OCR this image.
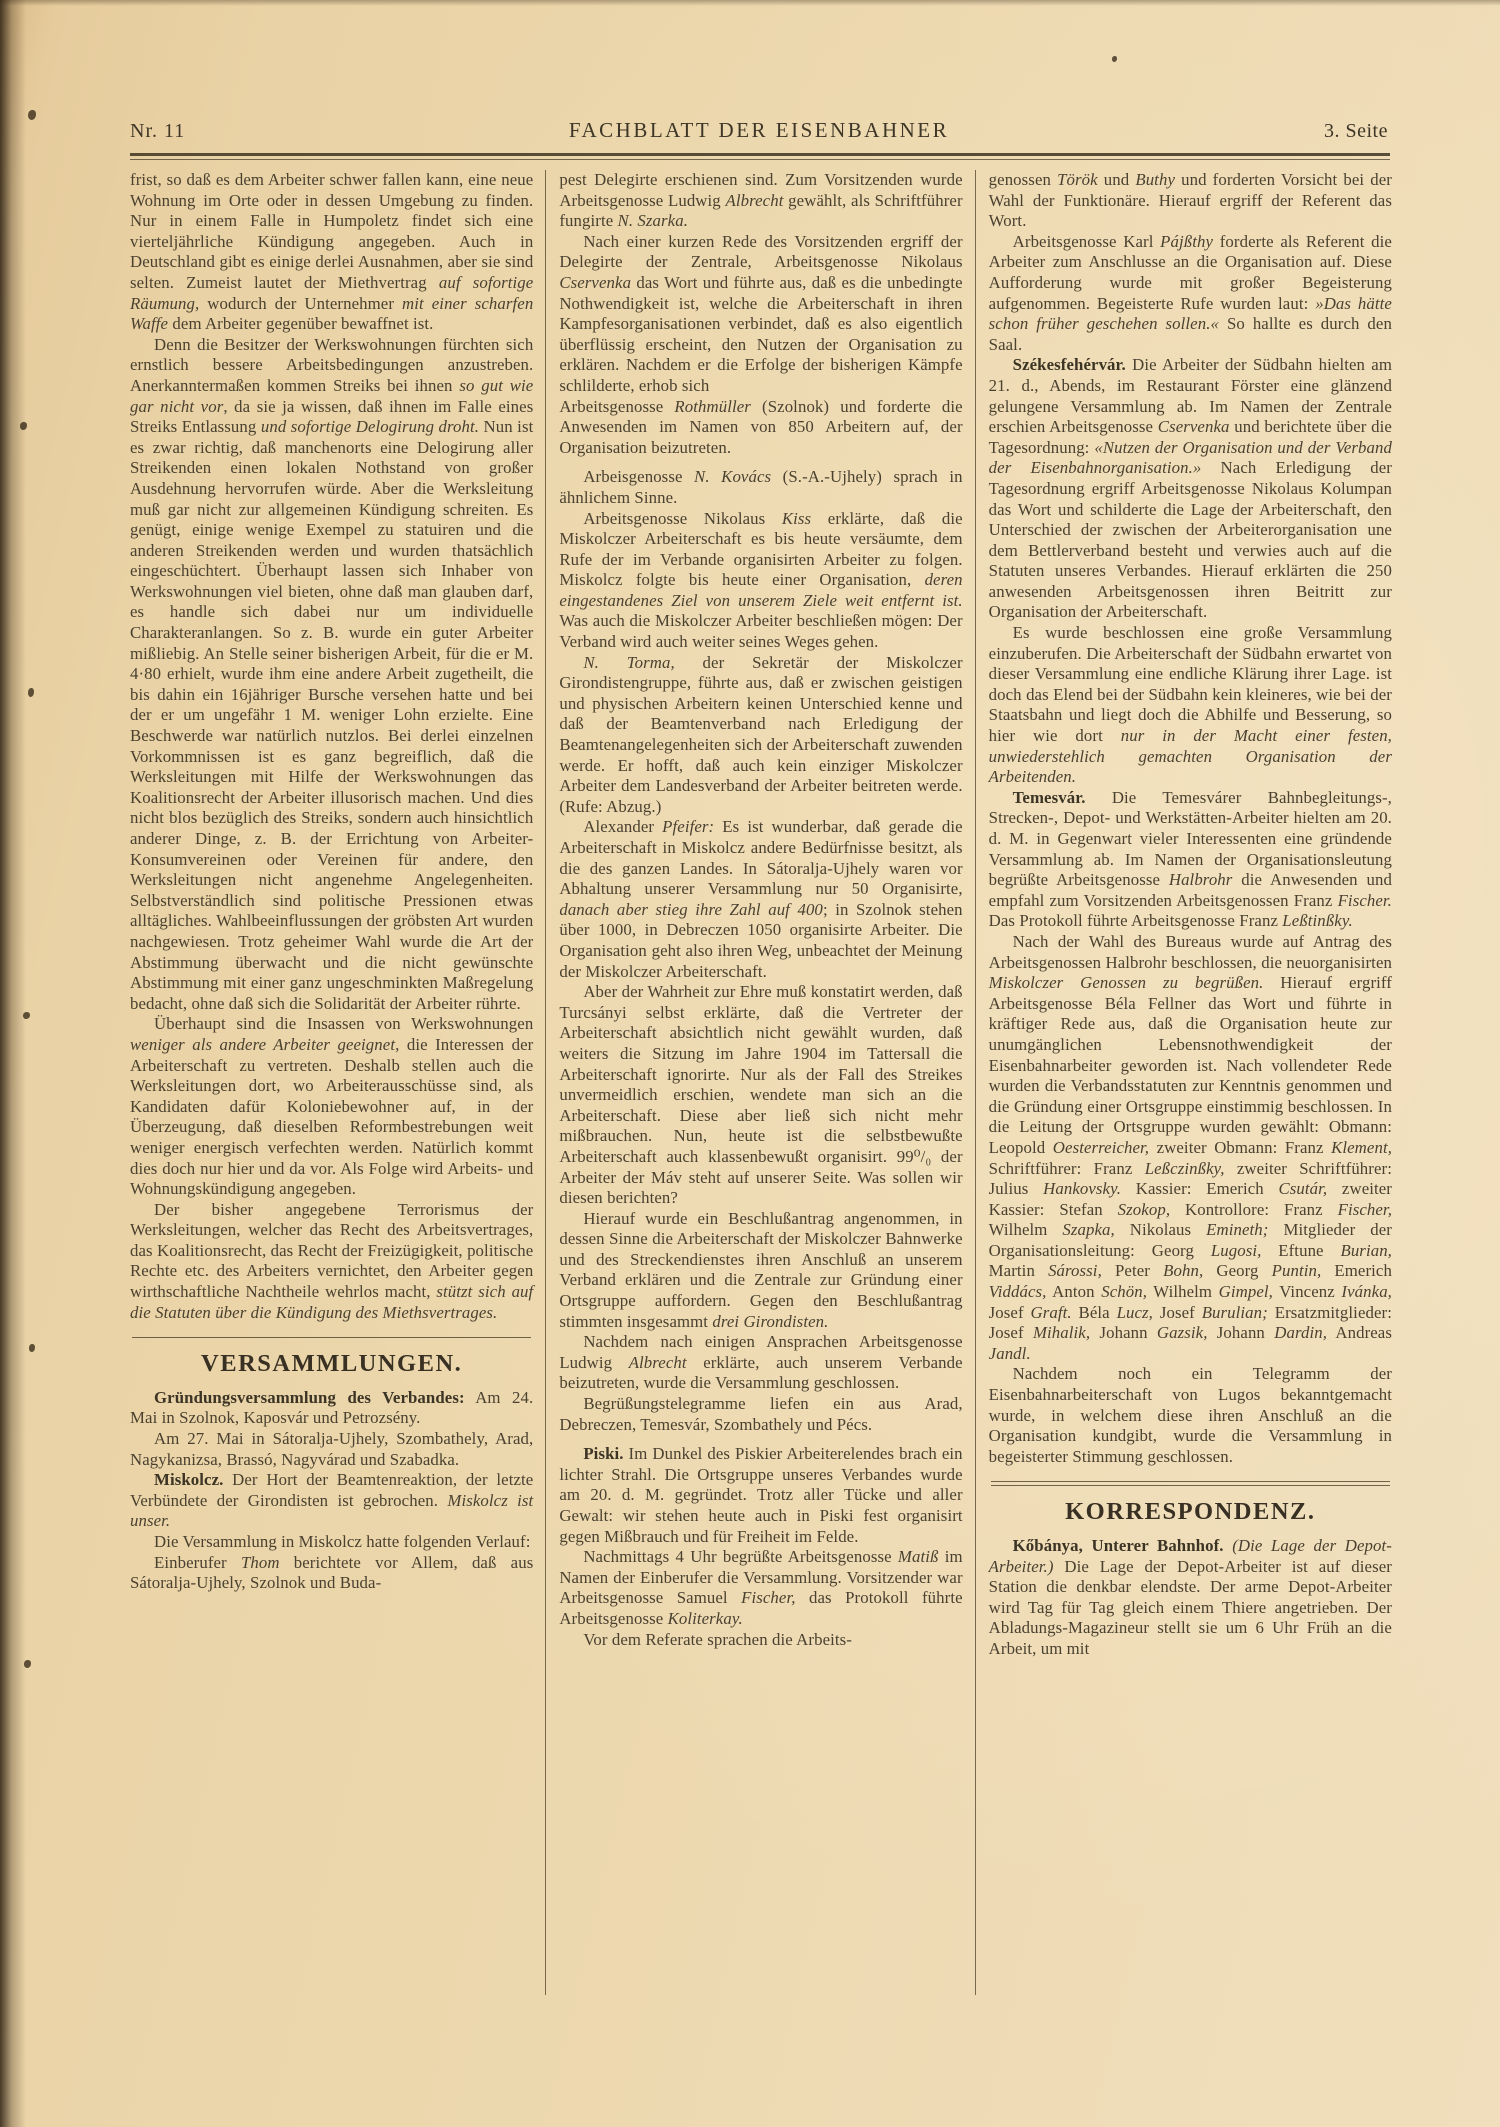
Nr. 11	FACHBLATT DER EISENBAHNER	3. Seite

frist, so daß es dem Arbeiter schwer fallen kann, eine neue Wohnung im Orte oder in dessen Umgebung zu finden. Nur in einem Falle in Humpoletz findet sich eine vierteljährliche Kündigung angegeben. Auch in Deutschland gibt es einige derlei Ausnahmen, aber sie sind selten. Zumeist lautet der Miethvertrag auf sofortige Räumung, wodurch der Unternehmer mit einer scharfen Waffe dem Arbeiter gegenüber bewaffnet ist.

Denn die Besitzer der Werkswohnungen fürchten sich ernstlich bessere Arbeitsbedingungen anzustreben. Anerkanntermaßen kommen Streiks bei ihnen so gut wie gar nicht vor, da sie ja wissen, daß ihnen im Falle eines Streiks Entlassung und sofortige Delogirung droht. Nun ist es zwar richtig, daß manchenorts eine Delogirung aller Streikenden einen lokalen Nothstand von großer Ausdehnung hervorrufen würde. Aber die Werksleitung muß gar nicht zur allgemeinen Kündigung schreiten. Es genügt, einige wenige Exempel zu statuiren und die anderen Streikenden werden und wurden thatsächlich eingeschüchtert. Überhaupt lassen sich Inhaber von Werkswohnungen viel bieten, ohne daß man glauben darf, es handle sich dabei nur um individuelle Charakteranlangen. So z. B. wurde ein guter Arbeiter mißliebig. An Stelle seiner bisherigen Arbeit, für die er M. 4·80 erhielt, wurde ihm eine andere Arbeit zugetheilt, die bis dahin ein 16jähriger Bursche versehen hatte und bei der er um ungefähr 1 M. weniger Lohn erzielte. Eine Beschwerde war natürlich nutzlos. Bei derlei einzelnen Vorkommnissen ist es ganz begreiflich, daß die Werksleitungen mit Hilfe der Werkswohnungen das Koalitionsrecht der Arbeiter illusorisch machen. Und dies nicht blos bezüglich des Streiks, sondern auch hinsichtlich anderer Dinge, z. B. der Errichtung von Arbeiter-Konsumvereinen oder Vereinen für andere, den Werksleitungen nicht angenehme Angelegenheiten. Selbstverständlich sind politische Pressionen etwas alltägliches. Wahlbeeinflussungen der gröbsten Art wurden nachgewiesen. Trotz geheimer Wahl wurde die Art der Abstimmung überwacht und die nicht gewünschte Abstimmung mit einer ganz ungeschminkten Maßregelung bedacht, ohne daß sich die Solidarität der Arbeiter rührte.

Überhaupt sind die Insassen von Werkswohnungen weniger als andere Arbeiter geeignet, die Interessen der Arbeiterschaft zu vertreten. Deshalb stellen auch die Werksleitungen dort, wo Arbeiterausschüsse sind, als Kandidaten dafür Koloniebewohner auf, in der Überzeugung, daß dieselben Reformbestrebungen weit weniger energisch verfechten werden. Natürlich kommt dies doch nur hier und da vor. Als Folge wird Arbeits- und Wohnungskündigung angegeben.

Der bisher angegebene Terrorismus der Werksleitungen, welcher das Recht des Arbeitsvertrages, das Koalitionsrecht, das Recht der Freizügigkeit, politische Rechte etc. des Arbeiters vernichtet, den Arbeiter gegen wirthschaftliche Nachtheile wehrlos macht, stützt sich auf die Statuten über die Kündigung des Miethsvertrages.

VERSAMMLUNGEN.

Gründungsversammlung des Verbandes: Am 24. Mai in Szolnok, Kaposvár und Petrozsény.

Am 27. Mai in Sátoralja-Ujhely, Szombathely, Arad, Nagykanizsa, Brassó, Nagyvárad und Szabadka.

Miskolcz. Der Hort der Beamtenreaktion, der letzte Verbündete der Girondisten ist gebrochen. Miskolcz ist unser.

Die Versammlung in Miskolcz hatte folgenden Verlauf:

Einberufer Thom berichtete vor Allem, daß aus Sátoralja-Ujhely, Szolnok und Buda-

pest Delegirte erschienen sind. Zum Vorsitzenden wurde Arbeitsgenosse Ludwig Albrecht gewählt, als Schriftführer fungirte N. Szarka.

Nach einer kurzen Rede des Vorsitzenden ergriff der Delegirte der Zentrale, Arbeitsgenosse Nikolaus Cservenka das Wort und führte aus, daß es die unbedingte Nothwendigkeit ist, welche die Arbeiterschaft in ihren Kampfesorganisationen verbindet, daß es also eigentlich überflüssig erscheint, den Nutzen der Organisation zu erklären. Nachdem er die Erfolge der bisherigen Kämpfe schlilderte, erhob sich

Arbeitsgenosse Rothmüller (Szolnok) und forderte die Anwesenden im Namen von 850 Arbeitern auf, der Organisation beizutreten.

Arbeisgenosse N. Kovács (S.-A.-Ujhely) sprach in ähnlichem Sinne.

Arbeitsgenosse Nikolaus Kiss erklärte, daß die Miskolczer Arbeiterschaft es bis heute versäumte, dem Rufe der im Verbande organisirten Arbeiter zu folgen. Miskolcz folgte bis heute einer Organisation, deren eingestandenes Ziel von unserem Ziele weit entfernt ist. Was auch die Miskolczer Arbeiter beschließen mögen: Der Verband wird auch weiter seines Weges gehen.

N. Torma, der Sekretär der Miskolczer Girondistengruppe, führte aus, daß er zwischen geistigen und physischen Arbeitern keinen Unterschied kenne und daß der Beamtenverband nach Erledigung der Beamtenangelegenheiten sich der Arbeiterschaft zuwenden werde. Er hofft, daß auch kein einziger Miskolczer Arbeiter dem Landesverband der Arbeiter beitreten werde. (Rufe: Abzug.)

Alexander Pfeifer: Es ist wunderbar, daß gerade die Arbeiterschaft in Miskolcz andere Bedürfnisse besitzt, als die des ganzen Landes. In Sátoralja-Ujhely waren vor Abhaltung unserer Versammlung nur 50 Organisirte, danach aber stieg ihre Zahl auf 400; in Szolnok stehen über 1000, in Debreczen 1050 organisirte Arbeiter. Die Organisation geht also ihren Weg, unbeachtet der Meinung der Miskolczer Arbeiterschaft.

Aber der Wahrheit zur Ehre muß konstatirt werden, daß Turcsányi selbst erklärte, daß die Vertreter der Arbeiterschaft absichtlich nicht gewählt wurden, daß weiters die Sitzung im Jahre 1904 im Tattersall die Arbeiterschaft ignorirte. Nur als der Fall des Streikes unvermeidlich erschien, wendete man sich an die Arbeiterschaft. Diese aber ließ sich nicht mehr mißbrauchen. Nun, heute ist die selbstbewußte Arbeiterschaft auch klassenbewußt organisirt. 99⁰/₀ der Arbeiter der Máv steht auf unserer Seite. Was sollen wir diesen berichten?

Hierauf wurde ein Beschlußantrag angenommen, in dessen Sinne die Arbeiterschaft der Miskolczer Bahnwerke und des Streckendienstes ihren Anschluß an unserem Verband erklären und die Zentrale zur Gründung einer Ortsgruppe auffordern. Gegen den Beschlußantrag stimmten insgesammt drei Girondisten.

Nachdem nach einigen Ansprachen Arbeitsgenosse Ludwig Albrecht erklärte, auch unserem Verbande beizutreten, wurde die Versammlung geschlossen.

Begrüßungstelegramme liefen ein aus Arad, Debreczen, Temesvár, Szombathely und Pécs.

Piski. Im Dunkel des Piskier Arbeiterelendes brach ein lichter Strahl. Die Ortsgruppe unseres Verbandes wurde am 20. d. M. gegründet. Trotz aller Tücke und aller Gewalt: wir stehen heute auch in Piski fest organisirt gegen Mißbrauch und für Freiheit im Felde.

Nachmittags 4 Uhr begrüßte Arbeitsgenosse Matiß im Namen der Einberufer die Versammlung. Vorsitzender war Arbeitsgenosse Samuel Fischer, das Protokoll führte Arbeitsgenosse Koliterkay.

Vor dem Referate sprachen die Arbeits-

genossen Török und Buthy und forderten Vorsicht bei der Wahl der Funktionäre. Hierauf ergriff der Referent das Wort.

Arbeitsgenosse Karl Pájßthy forderte als Referent die Arbeiter zum Anschlusse an die Organisation auf. Diese Aufforderung wurde mit großer Begeisterung aufgenommen. Begeisterte Rufe wurden laut: »Das hätte schon früher geschehen sollen.« So hallte es durch den Saal.

Székesfehérvár. Die Arbeiter der Südbahn hielten am 21. d., Abends, im Restaurant Förster eine glänzend gelungene Versammlung ab. Im Namen der Zentrale erschien Arbeitsgenosse Cservenka und berichtete über die Tagesordnung: «Nutzen der Organisation und der Verband der Eisenbahnorganisation.» Nach Erledigung der Tagesordnung ergriff Arbeitsgenosse Nikolaus Kolumpan das Wort und schilderte die Lage der Arbeiterschaft, den Unterschied der zwischen der Arbeiterorganisation une dem Bettlerverband besteht und verwies auch auf die Statuten unseres Verbandes. Hierauf erklärten die 250 anwesenden Arbeitsgenossen ihren Beitritt zur Organisation der Arbeiterschaft.

Es wurde beschlossen eine große Versammlung einzuberufen. Die Arbeiterschaft der Südbahn erwartet von dieser Versammlung eine endliche Klärung ihrer Lage. ist doch das Elend bei der Südbahn kein kleineres, wie bei der Staatsbahn und liegt doch die Abhilfe und Besserung, so hier wie dort nur in der Macht einer festen, unwiederstehlich gemachten Organisation der Arbeitenden.

Temesvár. Die Temesvárer Bahnbegleitungs-, Strecken-, Depot- und Werkstätten-Arbeiter hielten am 20. d. M. in Gegenwart vieler Interessenten eine gründende Versammlung ab. Im Namen der Organisationsleutung begrüßte Arbeitsgenosse Halbrohr die Anwesenden und empfahl zum Vorsitzenden Arbeitsgenossen Franz Fischer. Das Protokoll führte Arbeitsgenosse Franz Leßtinßky.

Nach der Wahl des Bureaus wurde auf Antrag des Arbeitsgenossen Halbrohr beschlossen, die neuorganisirten Miskolczer Genossen zu begrüßen. Hierauf ergriff Arbeitsgenosse Béla Fellner das Wort und führte in kräftiger Rede aus, daß die Organisation heute zur unumgänglichen Lebensnothwendigkeit der Eisenbahnarbeiter geworden ist. Nach vollendeter Rede wurden die Verbandsstatuten zur Kenntnis genommen und die Gründung einer Ortsgruppe einstimmig beschlossen. In die Leitung der Ortsgruppe wurden gewählt: Obmann: Leopold Oesterreicher, zweiter Obmann: Franz Klement, Schriftführer: Franz Leßczinßky, zweiter Schriftführer: Julius Hankovsky. Kassier: Emerich Csutár, zweiter Kassier: Stefan Szokop, Kontrollore: Franz Fischer, Wilhelm Szapka, Nikolaus Emineth; Mitglieder der Organisationsleitung: Georg Lugosi, Eftune Burian, Martin Sárossi, Peter Bohn, Georg Puntin, Emerich Viddács, Anton Schön, Wilhelm Gimpel, Vincenz Ivánka, Josef Graft. Béla Lucz, Josef Burulian; Ersatzmitglieder: Josef Mihalik, Johann Gazsik, Johann Dardin, Andreas Jandl.

Nachdem noch ein Telegramm der Eisenbahnarbeiterschaft von Lugos bekanntgemacht wurde, in welchem diese ihren Anschluß an die Organisation kundgibt, wurde die Versammlung in begeisterter Stimmung geschlossen.

KORRESPONDENZ.

Kőbánya, Unterer Bahnhof. (Die Lage der Depot-Arbeiter.) Die Lage der Depot-Arbeiter ist auf dieser Station die denkbar elendste. Der arme Depot-Arbeiter wird Tag für Tag gleich einem Thiere angetrieben. Der Abladungs-Magazineur stellt sie um 6 Uhr Früh an die Arbeit, um mit
